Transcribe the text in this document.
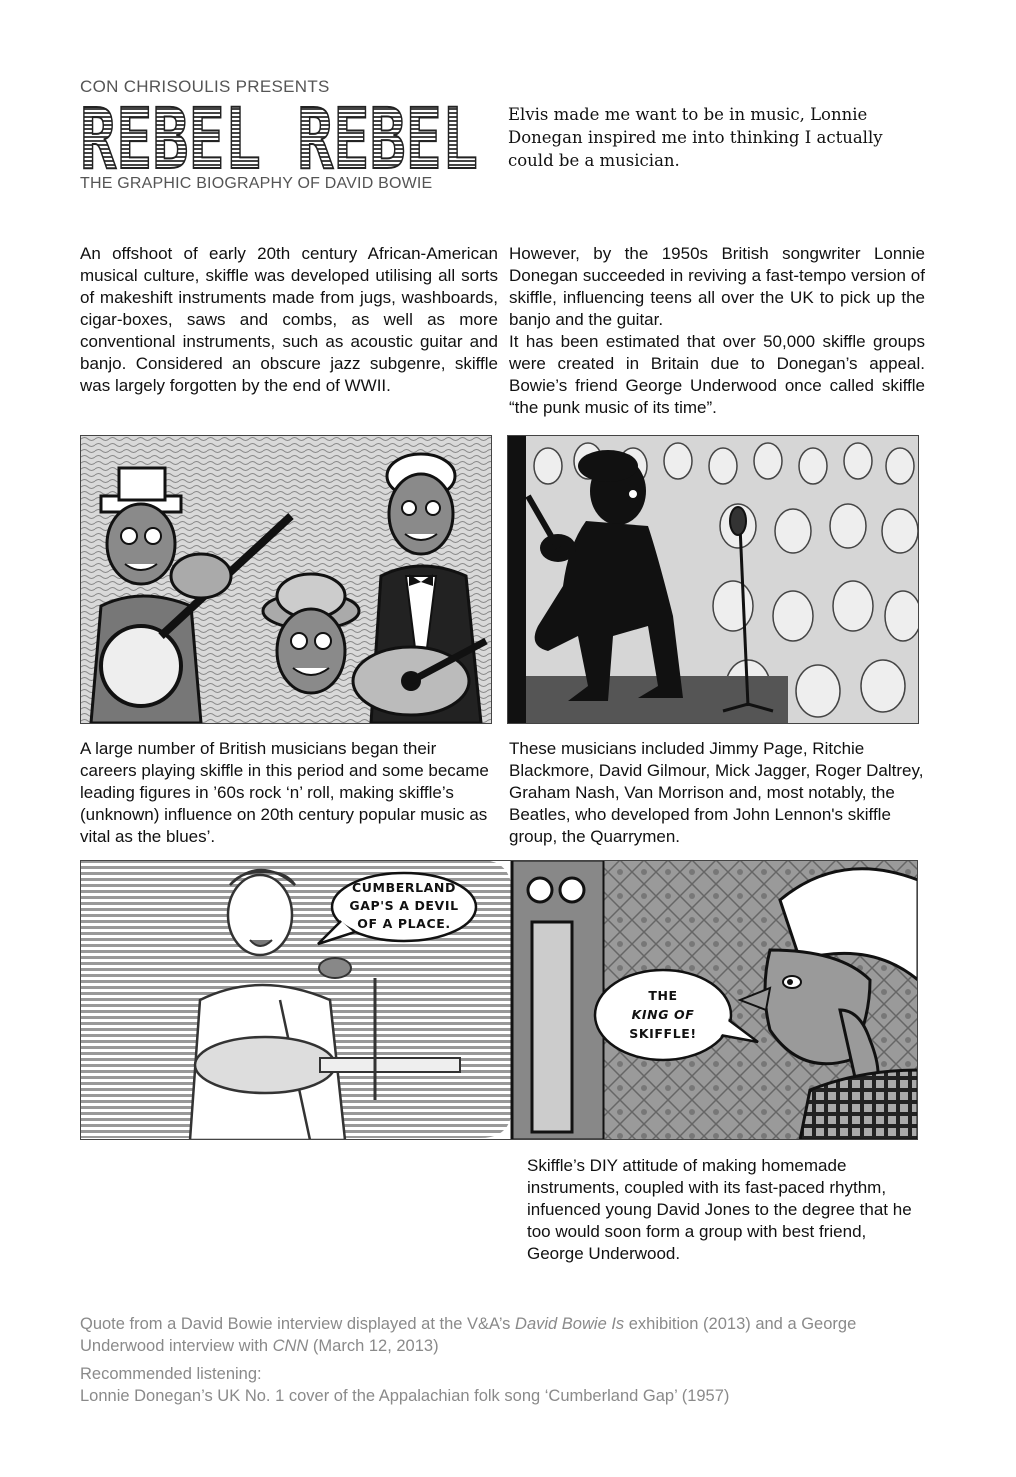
CON CHRISOULIS PRESENTS
REBEL REBEL
THE GRAPHIC BIOGRAPHY OF DAVID BOWIE
Elvis made me want to be in music, Lonnie Donegan inspired me into thinking I actually could be a musician.

An offshoot of early 20th century African-American musical culture, skiffle was developed utilising all sorts of makeshift instruments made from jugs, washboards, cigar-boxes, saws and combs, as well as more conventional instruments, such as acoustic guitar and banjo. Considered an obscure jazz subgenre, skiffle was largely forgotten by the end of WWII.

However, by the 1950s British songwriter Lonnie Donegan succeeded in reviving a fast-tempo version of skiffle, influencing teens all over the UK to pick up the banjo and the guitar.

It has been estimated that over 50,000 skiffle groups were created in Britain due to Donegan’s appeal. Bowie’s friend George Underwood once called skiffle “the punk music of its time”.

A large number of British musicians began their careers playing skiffle in this period and some became leading figures in ’60s rock ‘n’ roll, making skiffle’s (unknown) influence on 20th century popular music as vital as the blues’.

These musicians included Jimmy Page, Ritchie Blackmore, David Gilmour, Mick Jagger, Roger Daltrey, Graham Nash, Van Morrison and, most notably, the Beatles, who developed from John Lennon's skiffle group, the Quarrymen.

CUMBERLAND
GAP'S A DEVIL
OF A PLACE.
THE
KING OF
SKIFFLE!

Skiffle’s DIY attitude of making homemade instruments, coupled with its fast-paced rhythm, infuenced young David Jones to the degree that he too would soon form a group with best friend, George Underwood.

Quote from a David Bowie interview displayed at the V&A’s David Bowie Is exhibition (2013) and a George Underwood interview with CNN (March 12, 2013)

Recommended listening:

Lonnie Donegan’s UK No. 1 cover of the Appalachian folk song ‘Cumberland Gap’ (1957)
